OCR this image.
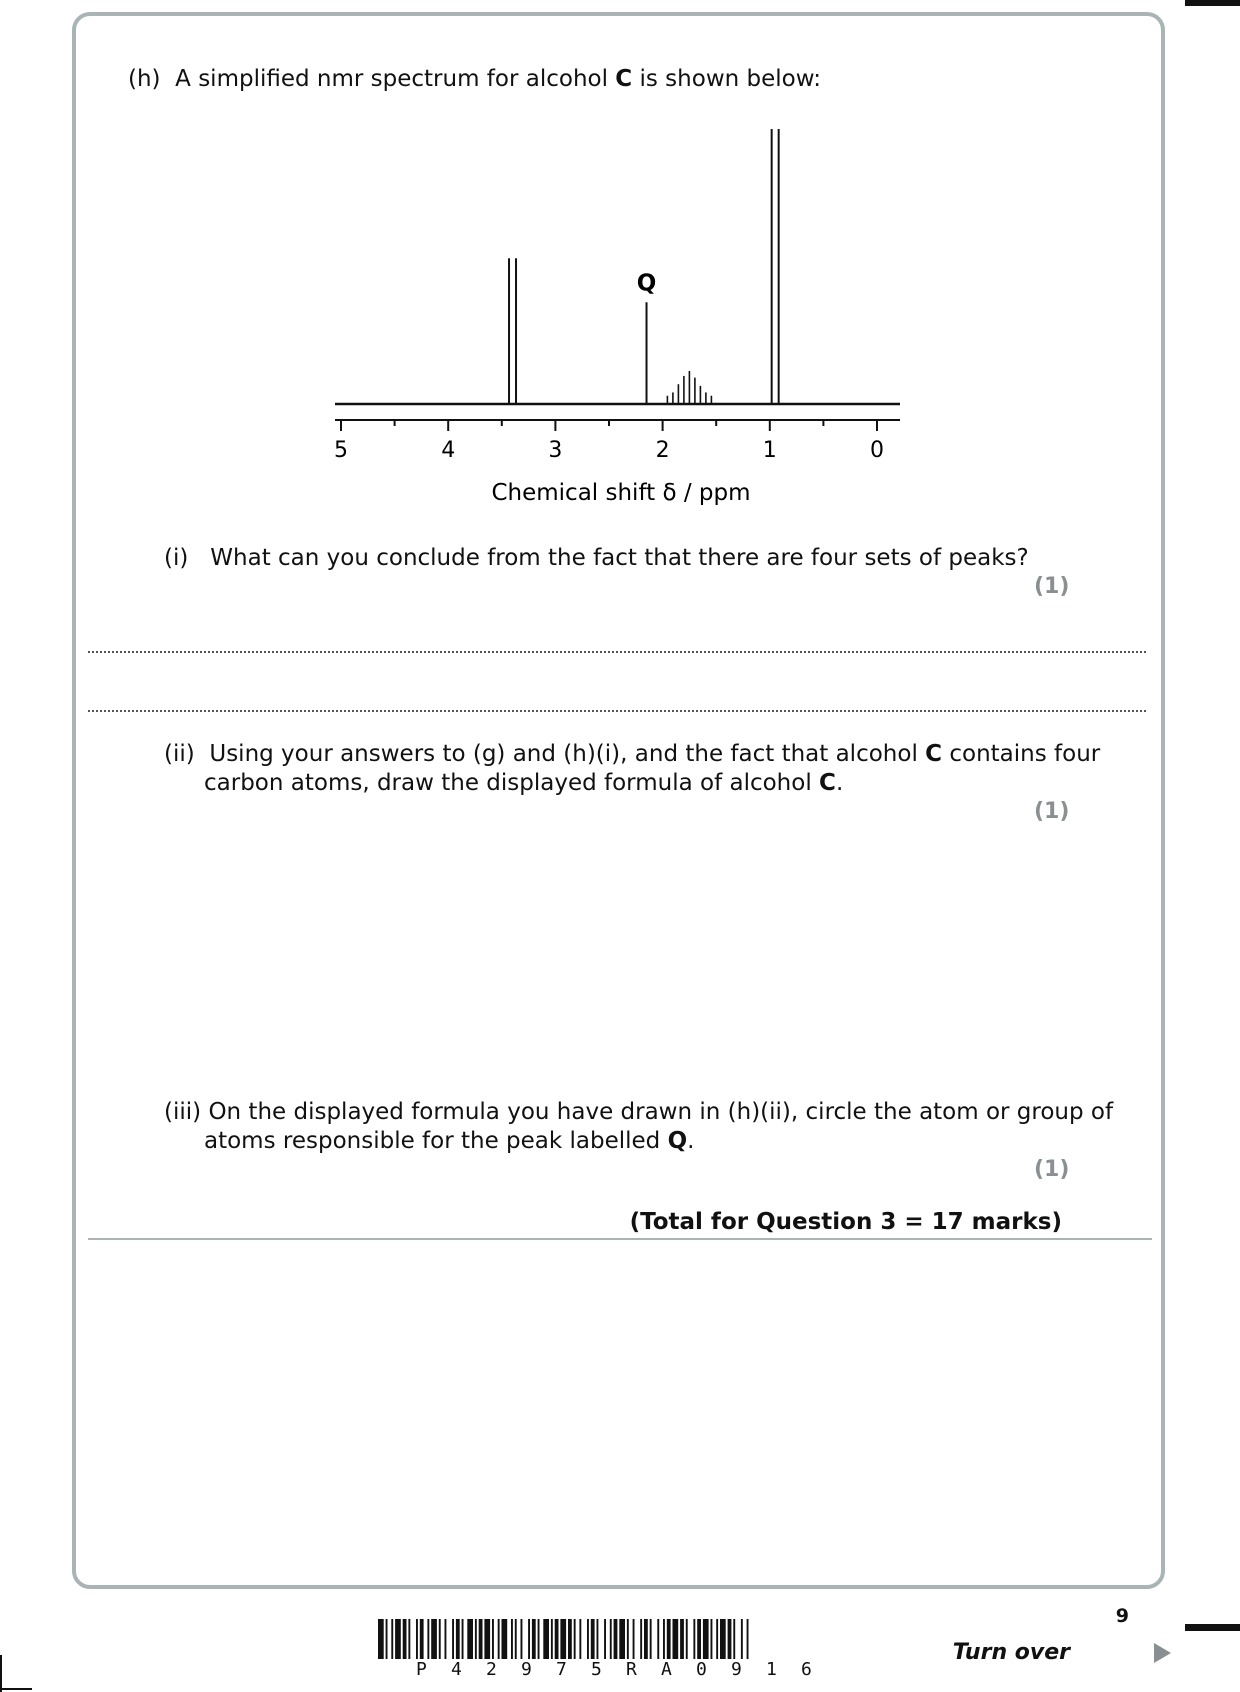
(h) A simplified nmr spectrum for alcohol C is shown below:
5	4	3	2	1	0
Q
Chemical shift δ / ppm
(i) What can you conclude from the fact that there are four sets of peaks?
(1)
(ii) Using your answers to (g) and (h)(i), and the fact that alcohol C contains four
carbon atoms, draw the displayed formula of alcohol C.
(1)
(iii) On the displayed formula you have drawn in (h)(ii), circle the atom or group of
atoms responsible for the peak labelled Q.
(1)
(Total for Question 3 = 17 marks)
P 4 2 9 7 5 R A 0 9 1 6
9
Turn over
